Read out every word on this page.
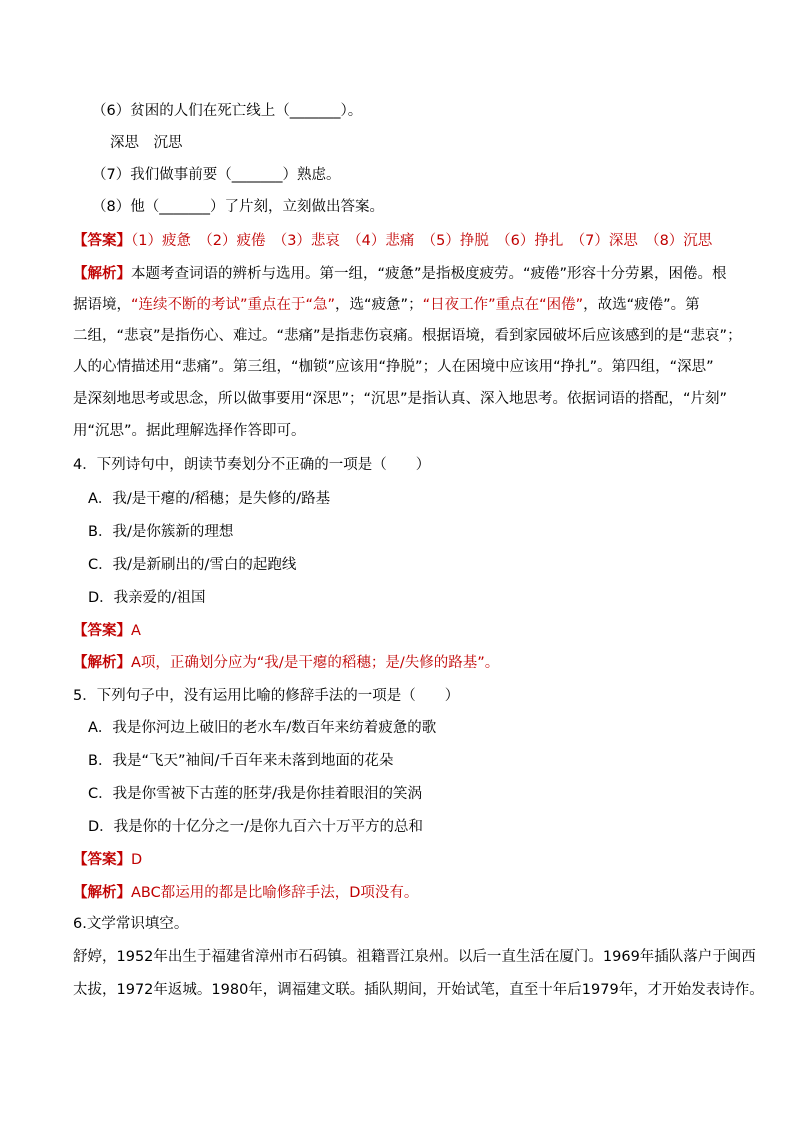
（6）贫困的人们在死亡线上（_______）。
深思　沉思
（7）我们做事前要（_______）熟虑。
（8）他（_______）了片刻，立刻做出答案。
【答案】（1）疲惫　（2）疲倦　（3）悲哀　（4）悲痛　（5）挣脱　（6）挣扎　（7）深思　（8）沉思
【解析】本题考查词语的辨析与选用。第一组，“疲惫”是指极度疲劳。“疲倦”形容十分劳累，困倦。根
据语境，“连续不断的考试”重点在于“急”，选“疲惫”；“日夜工作”重点在“困倦”，故选“疲倦”。第
二组，“悲哀”是指伤心、难过。“悲痛”是指悲伤哀痛。根据语境，看到家园破坏后应该感到的是“悲哀”；
人的心情描述用“悲痛”。第三组，“枷锁”应该用“挣脱”；人在困境中应该用“挣扎”。第四组，“深思”
是深刻地思考或思念，所以做事要用“深思”；“沉思”是指认真、深入地思考。依据词语的搭配，“片刻”
用“沉思”。据此理解选择作答即可。
4．下列诗句中，朗读节奏划分不正确的一项是（　　）
A．我/是干瘪的/稻穗；是失修的/路基
B．我/是你簇新的理想
C．我/是新刷出的/雪白的起跑线
D．我亲爱的/祖国
【答案】A
【解析】A项，正确划分应为“我/是干瘪的稻穗；是/失修的路基”。
5．下列句子中，没有运用比喻的修辞手法的一项是（　　）
A．我是你河边上破旧的老水车/数百年来纺着疲惫的歌
B．我是“飞天”袖间/千百年来未落到地面的花朵
C．我是你雪被下古莲的胚芽/我是你挂着眼泪的笑涡
D．我是你的十亿分之一/是你九百六十万平方的总和
【答案】D
【解析】ABC都运用的都是比喻修辞手法，D项没有。
6.文学常识填空。
舒婷，1952年出生于福建省漳州市石码镇。祖籍晋江泉州。以后一直生活在厦门。1969年插队落户于闽西
太拔，1972年返城。1980年，调福建文联。插队期间，开始试笔，直至十年后1979年，才开始发表诗作。
